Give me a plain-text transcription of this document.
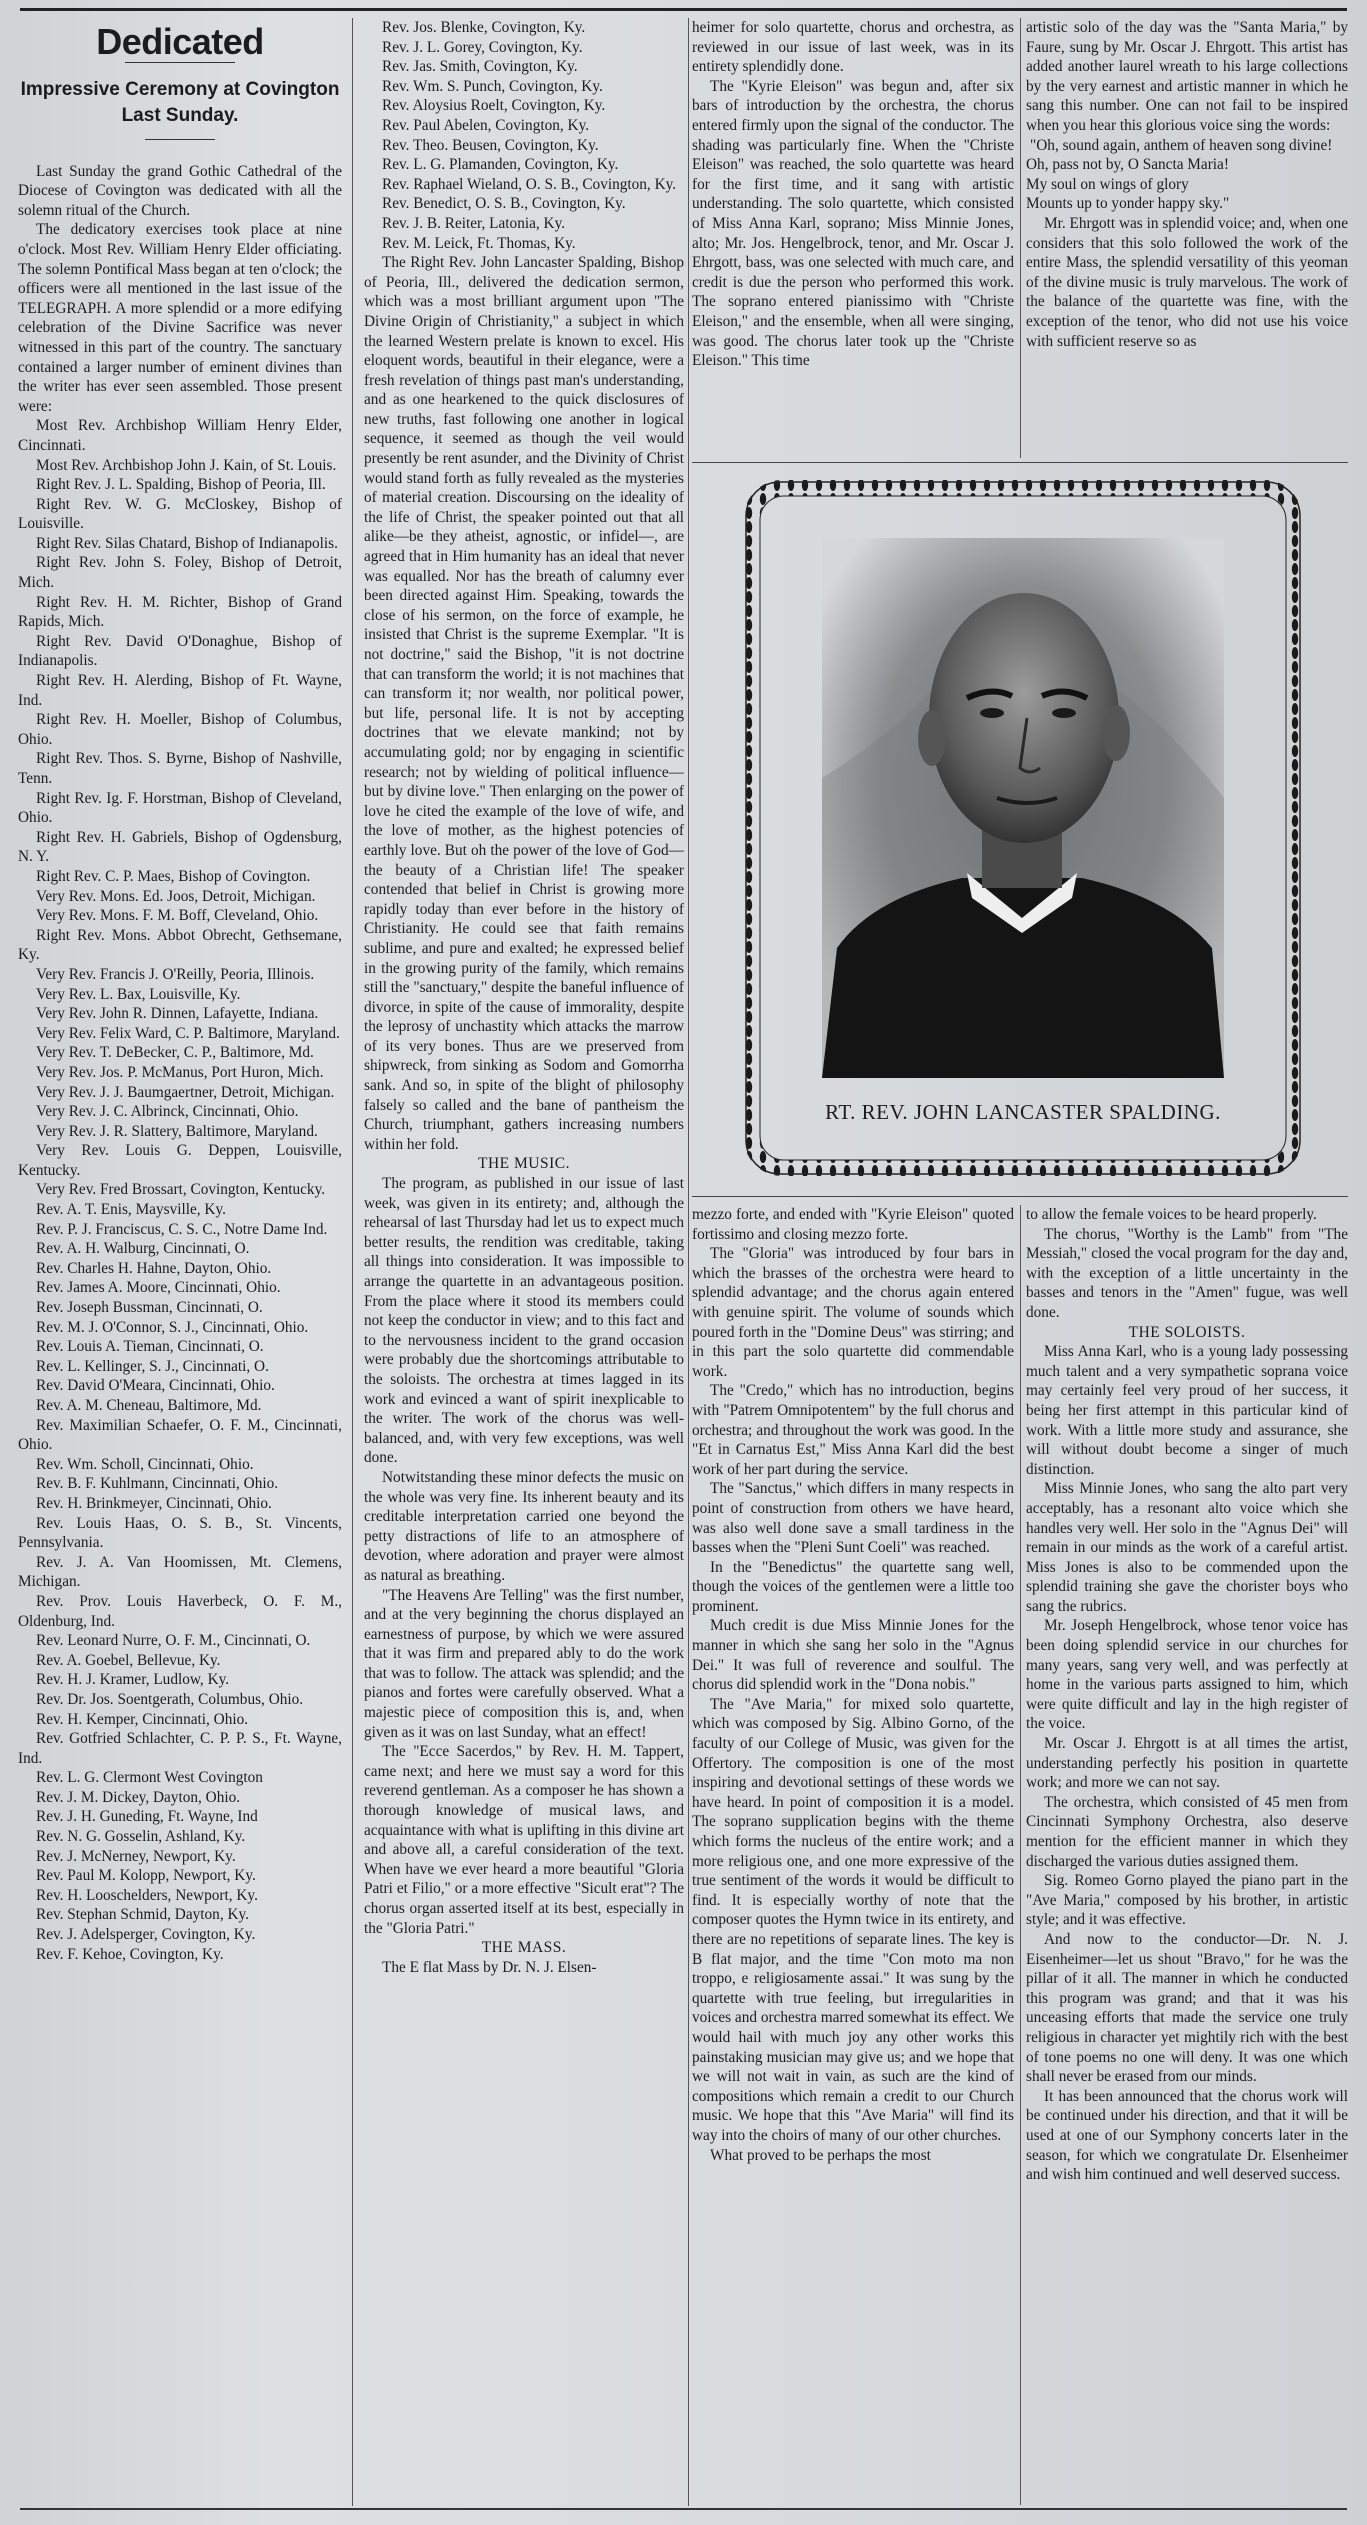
Dedicated
Impressive Ceremony at Covington Last Sunday.

Last Sunday the grand Gothic Cathedral of the Diocese of Covington was dedicated with all the solemn ritual of the Church.

The dedicatory exercises took place at nine o'clock. Most Rev. William Henry Elder officiating. The solemn Pontifical Mass began at ten o'clock; the officers were all mentioned in the last issue of the TELEGRAPH. A more splendid or a more edifying celebration of the Divine Sacrifice was never witnessed in this part of the country. The sanctuary contained a larger number of eminent divines than the writer has ever seen assembled. Those present were:

Most Rev. Archbishop William Henry Elder, Cincinnati.

Most Rev. Archbishop John J. Kain, of St. Louis.

Right Rev. J. L. Spalding, Bishop of Peoria, Ill.

Right Rev. W. G. McCloskey, Bishop of Louisville.

Right Rev. Silas Chatard, Bishop of Indianapolis.

Right Rev. John S. Foley, Bishop of Detroit, Mich.

Right Rev. H. M. Richter, Bishop of Grand Rapids, Mich.

Right Rev. David O'Donaghue, Bishop of Indianapolis.

Right Rev. H. Alerding, Bishop of Ft. Wayne, Ind.

Right Rev. H. Moeller, Bishop of Columbus, Ohio.

Right Rev. Thos. S. Byrne, Bishop of Nashville, Tenn.

Right Rev. Ig. F. Horstman, Bishop of Cleveland, Ohio.

Right Rev. H. Gabriels, Bishop of Ogdensburg, N. Y.

Right Rev. C. P. Maes, Bishop of Covington.

Very Rev. Mons. Ed. Joos, Detroit, Michigan.

Very Rev. Mons. F. M. Boff, Cleveland, Ohio.

Right Rev. Mons. Abbot Obrecht, Gethsemane, Ky.

Very Rev. Francis J. O'Reilly, Peoria, Illinois.

Very Rev. L. Bax, Louisville, Ky.

Very Rev. John R. Dinnen, Lafayette, Indiana.

Very Rev. Felix Ward, C. P. Baltimore, Maryland.

Very Rev. T. DeBecker, C. P., Baltimore, Md.

Very Rev. Jos. P. McManus, Port Huron, Mich.

Very Rev. J. J. Baumgaertner, Detroit, Michigan.

Very Rev. J. C. Albrinck, Cincinnati, Ohio.

Very Rev. J. R. Slattery, Baltimore, Maryland.

Very Rev. Louis G. Deppen, Louisville, Kentucky.

Very Rev. Fred Brossart, Covington, Kentucky.

Rev. A. T. Enis, Maysville, Ky.

Rev. P. J. Franciscus, C. S. C., Notre Dame Ind.

Rev. A. H. Walburg, Cincinnati, O.

Rev. Charles H. Hahne, Dayton, Ohio.

Rev. James A. Moore, Cincinnati, Ohio.

Rev. Joseph Bussman, Cincinnati, O.

Rev. M. J. O'Connor, S. J., Cincinnati, Ohio.

Rev. Louis A. Tieman, Cincinnati, O.

Rev. L. Kellinger, S. J., Cincinnati, O.

Rev. David O'Meara, Cincinnati, Ohio.

Rev. A. M. Cheneau, Baltimore, Md.

Rev. Maximilian Schaefer, O. F. M., Cincinnati, Ohio.

Rev. Wm. Scholl, Cincinnati, Ohio.

Rev. B. F. Kuhlmann, Cincinnati, Ohio.

Rev. H. Brinkmeyer, Cincinnati, Ohio.

Rev. Louis Haas, O. S. B., St. Vincents, Pennsylvania.

Rev. J. A. Van Hoomissen, Mt. Clemens, Michigan.

Rev. Prov. Louis Haverbeck, O. F. M., Oldenburg, Ind.

Rev. Leonard Nurre, O. F. M., Cincinnati, O.

Rev. A. Goebel, Bellevue, Ky.

Rev. H. J. Kramer, Ludlow, Ky.

Rev. Dr. Jos. Soentgerath, Columbus, Ohio.

Rev. H. Kemper, Cincinnati, Ohio.

Rev. Gotfried Schlachter, C. P. P. S., Ft. Wayne, Ind.

Rev. L. G. Clermont West Covington

Rev. J. M. Dickey, Dayton, Ohio.

Rev. J. H. Guneding, Ft. Wayne, Ind

Rev. N. G. Gosselin, Ashland, Ky.

Rev. J. McNerney, Newport, Ky.

Rev. Paul M. Kolopp, Newport, Ky.

Rev. H. Looschelders, Newport, Ky.

Rev. Stephan Schmid, Dayton, Ky.

Rev. J. Adelsperger, Covington, Ky.

Rev. F. Kehoe, Covington, Ky.

Rev. Jos. Blenke, Covington, Ky.

Rev. J. L. Gorey, Covington, Ky.

Rev. Jas. Smith, Covington, Ky.

Rev. Wm. S. Punch, Covington, Ky.

Rev. Aloysius Roelt, Covington, Ky.

Rev. Paul Abelen, Covington, Ky.

Rev. Theo. Beusen, Covington, Ky.

Rev. L. G. Plamanden, Covington, Ky.

Rev. Raphael Wieland, O. S. B., Covington, Ky.

Rev. Benedict, O. S. B., Covington, Ky.

Rev. J. B. Reiter, Latonia, Ky.

Rev. M. Leick, Ft. Thomas, Ky.

The Right Rev. John Lancaster Spalding, Bishop of Peoria, Ill., delivered the dedication sermon, which was a most brilliant argument upon "The Divine Origin of Christianity," a subject in which the learned Western prelate is known to excel. His eloquent words, beautiful in their elegance, were a fresh revelation of things past man's understanding, and as one hearkened to the quick disclosures of new truths, fast following one another in logical sequence, it seemed as though the veil would presently be rent asunder, and the Divinity of Christ would stand forth as fully revealed as the mysteries of material creation. Discoursing on the ideality of the life of Christ, the speaker pointed out that all alike—be they atheist, agnostic, or infidel—, are agreed that in Him humanity has an ideal that never was equalled. Nor has the breath of calumny ever been directed against Him. Speaking, towards the close of his sermon, on the force of example, he insisted that Christ is the supreme Exemplar. "It is not doctrine," said the Bishop, "it is not doctrine that can transform the world; it is not machines that can transform it; nor wealth, nor political power, but life, personal life. It is not by accepting doctrines that we elevate mankind; not by accumulating gold; nor by engaging in scientific research; not by wielding of political influence—but by divine love." Then enlarging on the power of love he cited the example of the love of wife, and the love of mother, as the highest potencies of earthly love. But oh the power of the love of God—the beauty of a Christian life! The speaker contended that belief in Christ is growing more rapidly today than ever before in the history of Christianity. He could see that faith remains sublime, and pure and exalted; he expressed belief in the growing purity of the family, which remains still the "sanctuary," despite the baneful influence of divorce, in spite of the cause of immorality, despite the leprosy of unchastity which attacks the marrow of its very bones. Thus are we preserved from shipwreck, from sinking as Sodom and Gomorrha sank. And so, in spite of the blight of philosophy falsely so called and the bane of pantheism the Church, triumphant, gathers increasing numbers within her fold.

THE MUSIC.

The program, as published in our issue of last week, was given in its entirety; and, although the rehearsal of last Thursday had let us to expect much better results, the rendition was creditable, taking all things into consideration. It was impossible to arrange the quartette in an advantageous position. From the place where it stood its members could not keep the conductor in view; and to this fact and to the nervousness incident to the grand occasion were probably due the shortcomings attributable to the soloists. The orchestra at times lagged in its work and evinced a want of spirit inexplicable to the writer. The work of the chorus was well-balanced, and, with very few exceptions, was well done.

Notwitstanding these minor defects the music on the whole was very fine. Its inherent beauty and its creditable interpretation carried one beyond the petty distractions of life to an atmosphere of devotion, where adoration and prayer were almost as natural as breathing.

"The Heavens Are Telling" was the first number, and at the very beginning the chorus displayed an earnestness of purpose, by which we were assured that it was firm and prepared ably to do the work that was to follow. The attack was splendid; and the pianos and fortes were carefully observed. What a majestic piece of composition this is, and, when given as it was on last Sunday, what an effect!

The "Ecce Sacerdos," by Rev. H. M. Tappert, came next; and here we must say a word for this reverend gentleman. As a composer he has shown a thorough knowledge of musical laws, and acquaintance with what is uplifting in this divine art and above all, a careful consideration of the text. When have we ever heard a more beautiful "Gloria Patri et Filio," or a more effective "Sicult erat"? The chorus organ asserted itself at its best, especially in the "Gloria Patri."

THE MASS.

The E flat Mass by Dr. N. J. Elsen-

heimer for solo quartette, chorus and orchestra, as reviewed in our issue of last week, was in its entirety splendidly done.

The "Kyrie Eleison" was begun and, after six bars of introduction by the orchestra, the chorus entered firmly upon the signal of the conductor. The shading was particularly fine. When the "Christe Eleison" was reached, the solo quartette was heard for the first time, and it sang with artistic understanding. The solo quartette, which consisted of Miss Anna Karl, soprano; Miss Minnie Jones, alto; Mr. Jos. Hengelbrock, tenor, and Mr. Oscar J. Ehrgott, bass, was one selected with much care, and credit is due the person who performed this work. The soprano entered pianissimo with "Christe Eleison," and the ensemble, when all were singing, was good. The chorus later took up the "Christe Eleison." This time

artistic solo of the day was the "Santa Maria," by Faure, sung by Mr. Oscar J. Ehrgott. This artist has added another laurel wreath to his large collections by the very earnest and artistic manner in which he sang this number. One can not fail to be inspired when you hear this glorious voice sing the words:

"Oh, sound again, anthem of heaven song divine!

Oh, pass not by, O Sancta Maria!

My soul on wings of glory

Mounts up to yonder happy sky."

Mr. Ehrgott was in splendid voice; and, when one considers that this solo followed the work of the entire Mass, the splendid versatility of this yeoman of the divine music is truly marvelous. The work of the balance of the quartette was fine, with the exception of the tenor, who did not use his voice with sufficient reserve so as

RT. REV. JOHN LANCASTER SPALDING.

mezzo forte, and ended with "Kyrie Eleison" quoted fortissimo and closing mezzo forte.

The "Gloria" was introduced by four bars in which the brasses of the orchestra were heard to splendid advantage; and the chorus again entered with genuine spirit. The volume of sounds which poured forth in the "Domine Deus" was stirring; and in this part the solo quartette did commendable work.

The "Credo," which has no introduction, begins with "Patrem Omnipotentem" by the full chorus and orchestra; and throughout the work was good. In the "Et in Carnatus Est," Miss Anna Karl did the best work of her part during the service.

The "Sanctus," which differs in many respects in point of construction from others we have heard, was also well done save a small tardiness in the basses when the "Pleni Sunt Coeli" was reached.

In the "Benedictus" the quartette sang well, though the voices of the gentlemen were a little too prominent.

Much credit is due Miss Minnie Jones for the manner in which she sang her solo in the "Agnus Dei." It was full of reverence and soulful. The chorus did splendid work in the "Dona nobis."

The "Ave Maria," for mixed solo quartette, which was composed by Sig. Albino Gorno, of the faculty of our College of Music, was given for the Offertory. The composition is one of the most inspiring and devotional settings of these words we have heard. In point of composition it is a model. The soprano supplication begins with the theme which forms the nucleus of the entire work; and a more religious one, and one more expressive of the true sentiment of the words it would be difficult to find. It is especially worthy of note that the composer quotes the Hymn twice in its entirety, and there are no repetitions of separate lines. The key is B flat major, and the time "Con moto ma non troppo, e religiosamente assai." It was sung by the quartette with true feeling, but irregularities in voices and orchestra marred somewhat its effect. We would hail with much joy any other works this painstaking musician may give us; and we hope that we will not wait in vain, as such are the kind of compositions which remain a credit to our Church music. We hope that this "Ave Maria" will find its way into the choirs of many of our other churches.

What proved to be perhaps the most

to allow the female voices to be heard properly.

The chorus, "Worthy is the Lamb" from "The Messiah," closed the vocal program for the day and, with the exception of a little uncertainty in the basses and tenors in the "Amen" fugue, was well done.

THE SOLOISTS.

Miss Anna Karl, who is a young lady possessing much talent and a very sympathetic soprana voice may certainly feel very proud of her success, it being her first attempt in this particular kind of work. With a little more study and assurance, she will without doubt become a singer of much distinction.

Miss Minnie Jones, who sang the alto part very acceptably, has a resonant alto voice which she handles very well. Her solo in the "Agnus Dei" will remain in our minds as the work of a careful artist. Miss Jones is also to be commended upon the splendid training she gave the chorister boys who sang the rubrics.

Mr. Joseph Hengelbrock, whose tenor voice has been doing splendid service in our churches for many years, sang very well, and was perfectly at home in the various parts assigned to him, which were quite difficult and lay in the high register of the voice.

Mr. Oscar J. Ehrgott is at all times the artist, understanding perfectly his position in quartette work; and more we can not say.

The orchestra, which consisted of 45 men from Cincinnati Symphony Orchestra, also deserve mention for the efficient manner in which they discharged the various duties assigned them.

Sig. Romeo Gorno played the piano part in the "Ave Maria," composed by his brother, in artistic style; and it was effective.

And now to the conductor—Dr. N. J. Eisenheimer—let us shout "Bravo," for he was the pillar of it all. The manner in which he conducted this program was grand; and that it was his unceasing efforts that made the service one truly religious in character yet mightily rich with the best of tone poems no one will deny. It was one which shall never be erased from our minds.

It has been announced that the chorus work will be continued under his direction, and that it will be used at one of our Symphony concerts later in the season, for which we congratulate Dr. Elsenheimer and wish him continued and well deserved success.
